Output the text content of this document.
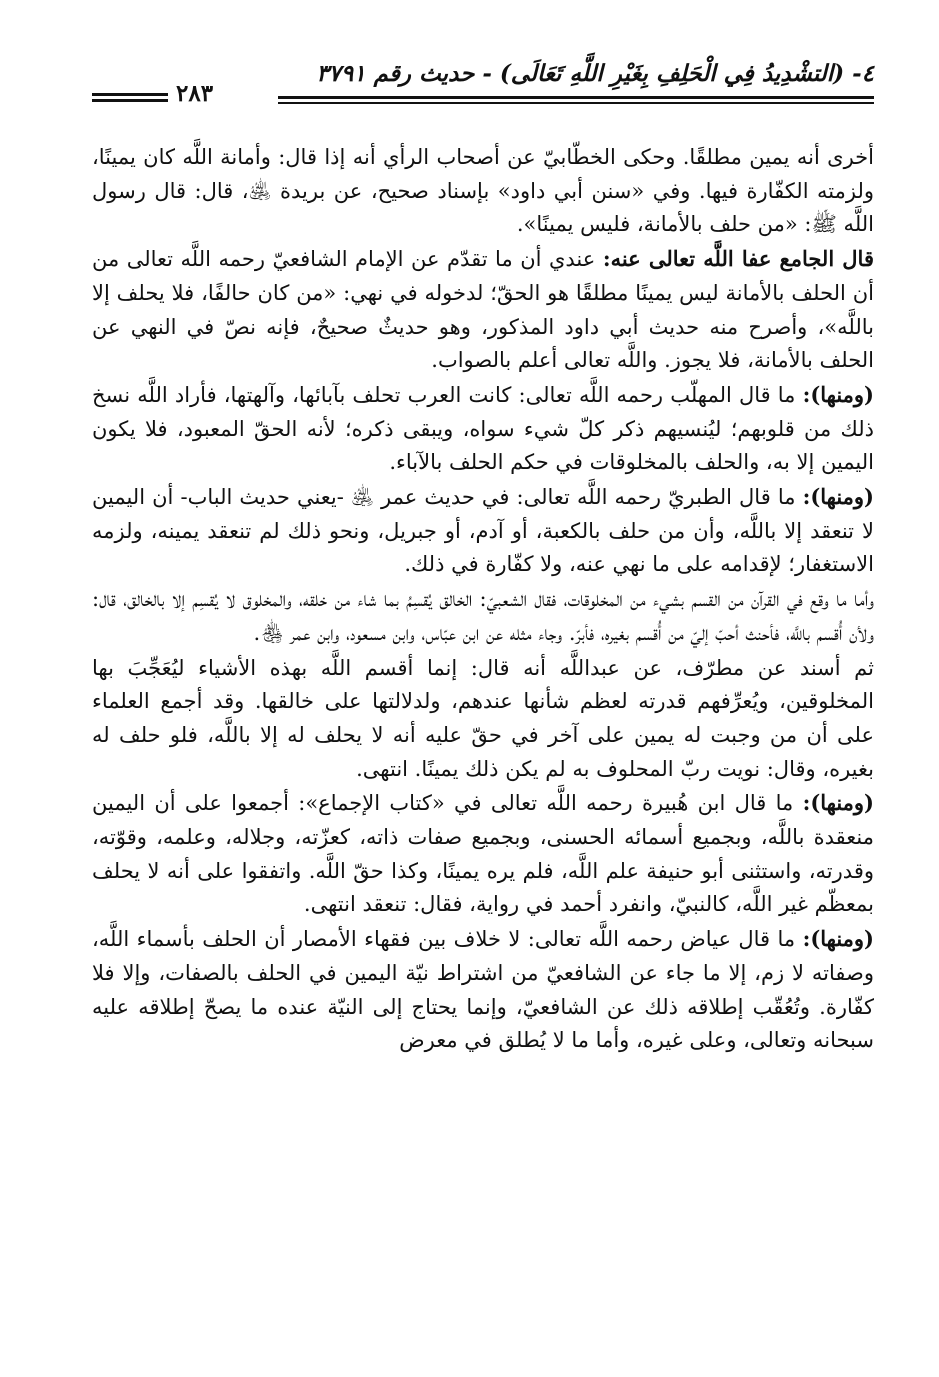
٤- (التشْدِيدُ فِي الْحَلِفِ بِغَيْرِ اللَّهِ تَعَالَى) - حديث رقم ٣٧٩١
٢٨٣

أخرى أنه يمين مطلقًا. وحكى الخطّابيّ عن أصحاب الرأي أنه إذا قال: وأمانة اللَّه كان يمينًا، ولزمته الكفّارة فيها. وفي «سنن أبي داود» بإسناد صحيح، عن بريدة ﵁، قال: قال رسول اللَّه ﷺ: «من حلف بالأمانة، فليس يمينًا».

قال الجامع عفا اللَّه تعالى عنه: عندي أن ما تقدّم عن الإمام الشافعيّ رحمه اللَّه تعالى من أن الحلف بالأمانة ليس يمينًا مطلقًا هو الحقّ؛ لدخوله في نهي: «من كان حالفًا، فلا يحلف إلا باللَّه»، وأصرح منه حديث أبي داود المذكور، وهو حديثٌ صحيحٌ، فإنه نصّ في النهي عن الحلف بالأمانة، فلا يجوز. واللَّه تعالى أعلم بالصواب.

(ومنها): ما قال المهلّب رحمه اللَّه تعالى: كانت العرب تحلف بآبائها، وآلهتها، فأراد اللَّه نسخ ذلك من قلوبهم؛ ليُنسيهم ذكر كلّ شيء سواه، ويبقى ذكره؛ لأنه الحقّ المعبود، فلا يكون اليمين إلا به، والحلف بالمخلوقات في حكم الحلف بالآباء.

(ومنها): ما قال الطبريّ رحمه اللَّه تعالى: في حديث عمر ﵁ -يعني حديث الباب- أن اليمين لا تنعقد إلا باللَّه، وأن من حلف بالكعبة، أو آدم، أو جبريل، ونحو ذلك لم تنعقد يمينه، ولزمه الاستغفار؛ لإقدامه على ما نهي عنه، ولا كفّارة في ذلك.

وأما ما وقع في القرآن من القسم بشيء من المخلوقات، فقال الشعبيّ: الخالق يُقسِمُ بما شاء من خلقه، والمخلوق لا يُقسِم إلا بالخالق، قال: ولأن أُقسم باللَّه، فأحنث أحبّ إليّ من أُقسم بغيره، فأبرّ. وجاء مثله عن ابن عبّاس، وابن مسعود، وابن عمر ﵃.

ثم أسند عن مطرّف، عن عبداللَّه أنه قال: إنما أقسم اللَّه بهذه الأشياء ليُعَجِّبَ بها المخلوقين، ويُعرِّفهم قدرته لعظم شأنها عندهم، ولدلالتها على خالقها. وقد أجمع العلماء على أن من وجبت له يمين على آخر في حقّ عليه أنه لا يحلف له إلا باللَّه، فلو حلف له بغيره، وقال: نويت ربّ المحلوف به لم يكن ذلك يمينًا. انتهى.

(ومنها): ما قال ابن هُبيرة رحمه اللَّه تعالى في «كتاب الإجماع»: أجمعوا على أن اليمين منعقدة باللَّه، وبجميع أسمائه الحسنى، وبجميع صفات ذاته، كعزّته، وجلاله، وعلمه، وقوّته، وقدرته، واستثنى أبو حنيفة علم اللَّه، فلم يره يمينًا، وكذا حقّ اللَّه. واتفقوا على أنه لا يحلف بمعظّم غير اللَّه، كالنبيّ، وانفرد أحمد في رواية، فقال: تنعقد انتهى.

(ومنها): ما قال عياض رحمه اللَّه تعالى: لا خلاف بين فقهاء الأمصار أن الحلف بأسماء اللَّه، وصفاته لا زم، إلا ما جاء عن الشافعيّ من اشتراط نيّة اليمين في الحلف بالصفات، وإلا فلا كفّارة. وتُعُقّب إطلاقه ذلك عن الشافعيّ، وإنما يحتاج إلى النيّة عنده ما يصحّ إطلاقه عليه سبحانه وتعالى، وعلى غيره، وأما ما لا يُطلق في معرض
